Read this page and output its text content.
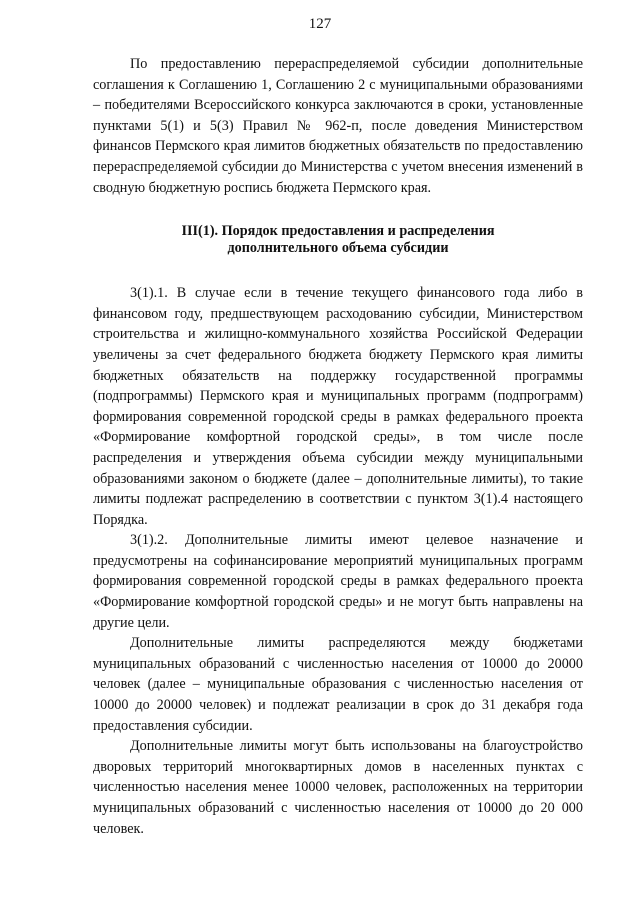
127

По предоставлению перераспределяемой субсидии дополнительные соглашения к Соглашению 1, Соглашению 2 с муниципальными образованиями – победителями Всероссийского конкурса заключаются в сроки, установленные пунктами 5(1) и 5(3) Правил № 962-п, после доведения Министерством финансов Пермского края лимитов бюджетных обязательств по предоставлению перераспределяемой субсидии до Министерства с учетом внесения изменений в сводную бюджетную роспись бюджета Пермского края.

III(1). Порядок предоставления и распределения
дополнительного объема субсидии

3(1).1. В случае если в течение текущего финансового года либо в финансовом году, предшествующем расходованию субсидии, Министерством строительства и жилищно-коммунального хозяйства Российской Федерации увеличены за счет федерального бюджета бюджету Пермского края лимиты бюджетных обязательств на поддержку государственной программы (подпрограммы) Пермского края и муниципальных программ (подпрограмм) формирования современной городской среды в рамках федерального проекта «Формирование комфортной городской среды», в том числе после распределения и утверждения объема субсидии между муниципальными образованиями законом о бюджете (далее – дополнительные лимиты), то такие лимиты подлежат распределению в соответствии с пунктом 3(1).4 настоящего Порядка.

3(1).2. Дополнительные лимиты имеют целевое назначение и предусмотрены на софинансирование мероприятий муниципальных программ формирования современной городской среды в рамках федерального проекта «Формирование комфортной городской среды» и не могут быть направлены на другие цели.

Дополнительные лимиты распределяются между бюджетами муниципальных образований с численностью населения от 10000 до 20000 человек (далее – муниципальные образования с численностью населения от 10000 до 20000 человек) и подлежат реализации в срок до 31 декабря года предоставления субсидии.

Дополнительные лимиты могут быть использованы на благоустройство дворовых территорий многоквартирных домов в населенных пунктах с численностью населения менее 10000 человек, расположенных на территории муниципальных образований с численностью населения от 10000 до 20 000 человек.
